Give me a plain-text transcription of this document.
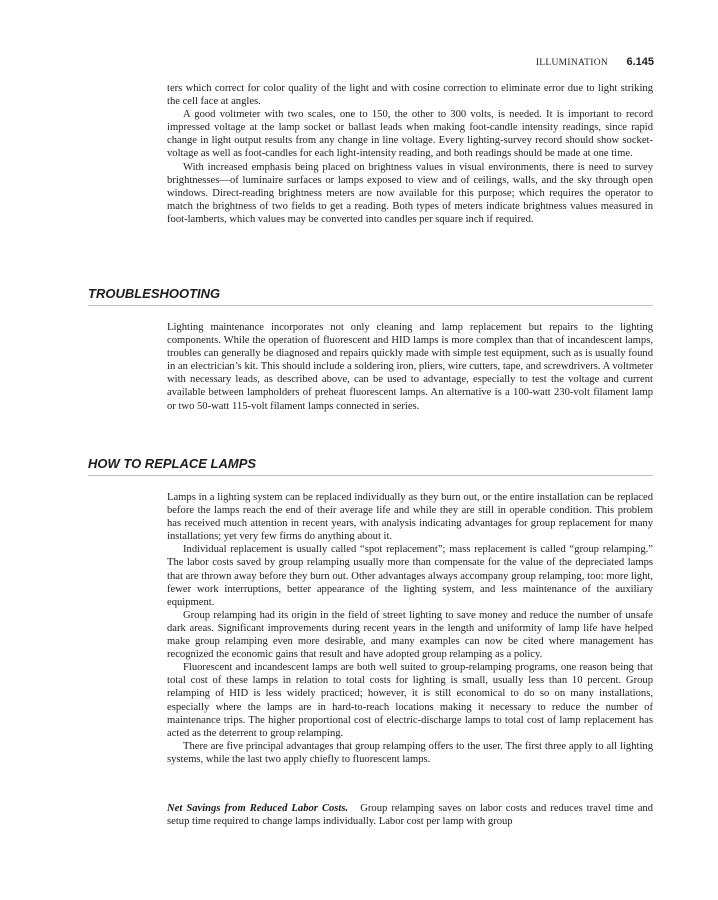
ILLUMINATION 6.145

ters which correct for color quality of the light and with cosine correction to eliminate error due to light striking the cell face at angles.

A good voltmeter with two scales, one to 150, the other to 300 volts, is needed. It is important to record impressed voltage at the lamp socket or ballast leads when making foot-candle intensity readings, since rapid change in light output results from any change in line voltage. Every lighting-survey record should show socket-voltage as well as foot-candles for each light-intensity reading, and both readings should be made at one time.

With increased emphasis being placed on brightness values in visual environments, there is need to survey brightnesses—of luminaire surfaces or lamps exposed to view and of ceilings, walls, and the sky through open windows. Direct-reading brightness meters are now available for this purpose; which requires the operator to match the brightness of two fields to get a reading. Both types of meters indicate brightness values measured in foot-lamberts, which values may be converted into candles per square inch if required.

TROUBLESHOOTING

Lighting maintenance incorporates not only cleaning and lamp replacement but repairs to the lighting components. While the operation of fluorescent and HID lamps is more complex than that of incandescent lamps, troubles can generally be diagnosed and repairs quickly made with simple test equipment, such as is usually found in an electrician’s kit. This should include a soldering iron, pliers, wire cutters, tape, and screwdrivers. A voltmeter with necessary leads, as described above, can be used to advantage, especially to test the voltage and current available between lampholders of preheat fluorescent lamps. An alternative is a 100-watt 230-volt filament lamp or two 50-watt 115-volt filament lamps connected in series.

HOW TO REPLACE LAMPS

Lamps in a lighting system can be replaced individually as they burn out, or the entire installation can be replaced before the lamps reach the end of their average life and while they are still in operable condition. This problem has received much attention in recent years, with analysis indicating advantages for group replacement for many installations; yet very few firms do anything about it.

Individual replacement is usually called “spot replacement”; mass replacement is called “group relamping.” The labor costs saved by group relamping usually more than compensate for the value of the depreciated lamps that are thrown away before they burn out. Other advantages always accompany group relamping, too: more light, fewer work interruptions, better appearance of the lighting system, and less maintenance of the auxiliary equipment.

Group relamping had its origin in the field of street lighting to save money and reduce the number of unsafe dark areas. Significant improvements during recent years in the length and uniformity of lamp life have helped make group relamping even more desirable, and many examples can now be cited where management has recognized the economic gains that result and have adopted group relamping as a policy.

Fluorescent and incandescent lamps are both well suited to group-relamping programs, one reason being that total cost of these lamps in relation to total costs for lighting is small, usually less than 10 percent. Group relamping of HID is less widely practiced; however, it is still economical to do so on many installations, especially where the lamps are in hard-to-reach locations making it necessary to reduce the number of maintenance trips. The higher proportional cost of electric-discharge lamps to total cost of lamp replacement has acted as the deterrent to group relamping.

There are five principal advantages that group relamping offers to the user. The first three apply to all lighting systems, while the last two apply chiefly to fluorescent lamps.

Net Savings from Reduced Labor Costs. Group relamping saves on labor costs and reduces travel time and setup time required to change lamps individually. Labor cost per lamp with group
